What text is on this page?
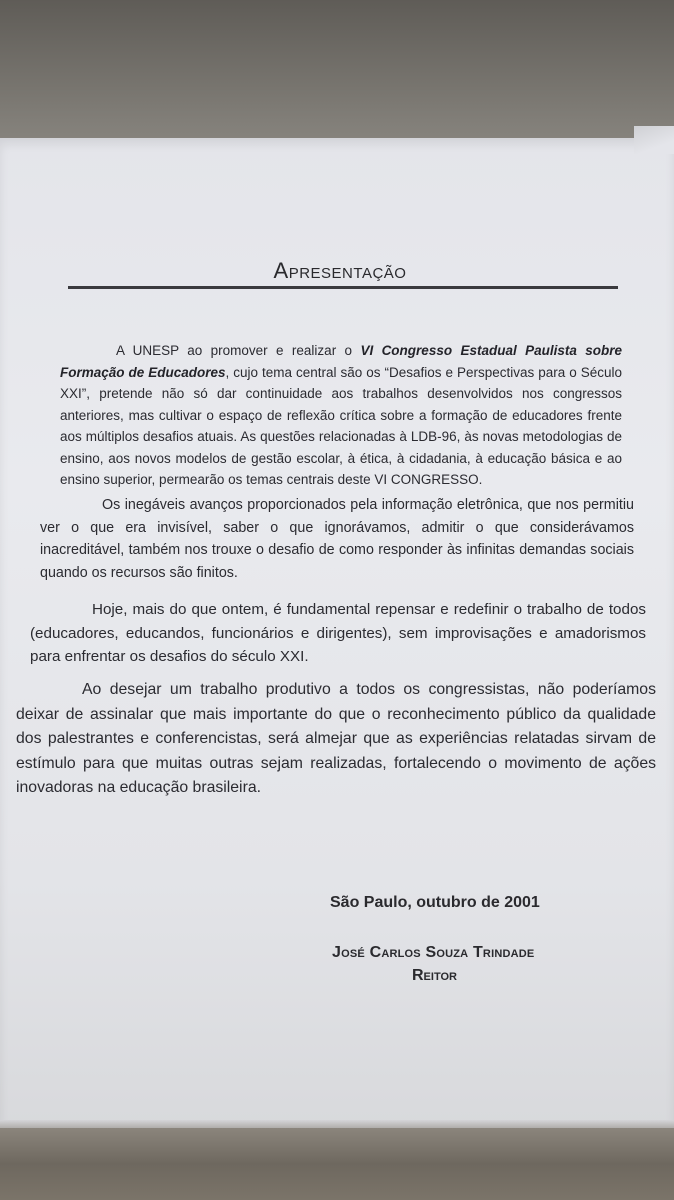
Apresentação
A UNESP ao promover e realizar o VI Congresso Estadual Paulista sobre Formação de Educadores, cujo tema central são os “Desafios e Perspectivas para o Século XXI”, pretende não só dar continuidade aos trabalhos desenvolvidos nos congressos anteriores, mas cultivar o espaço de reflexão crítica sobre a formação de educadores frente aos múltiplos desafios atuais. As questões relacionadas à LDB-96, às novas metodologias de ensino, aos novos modelos de gestão escolar, à ética, à cidadania, à educação básica e ao ensino superior, permearão os temas centrais deste VI CONGRESSO.
Os inegáveis avanços proporcionados pela informação eletrônica, que nos permitiu ver o que era invisível, saber o que ignorávamos, admitir o que considerávamos inacreditável, também nos trouxe o desafio de como responder às infinitas demandas sociais quando os recursos são finitos.
Hoje, mais do que ontem, é fundamental repensar e redefinir o trabalho de todos (educadores, educandos, funcionários e dirigentes), sem improvisações e amadorismos para enfrentar os desafios do século XXI.
Ao desejar um trabalho produtivo a todos os congressistas, não poderíamos deixar de assinalar que mais importante do que o reconhecimento público da qualidade dos palestrantes e conferencistas, será almejar que as experiências relatadas sirvam de estímulo para que muitas outras sejam realizadas, fortalecendo o movimento de ações inovadoras na educação brasileira.
São Paulo, outubro de 2001
José Carlos Souza Trindade
Reitor
